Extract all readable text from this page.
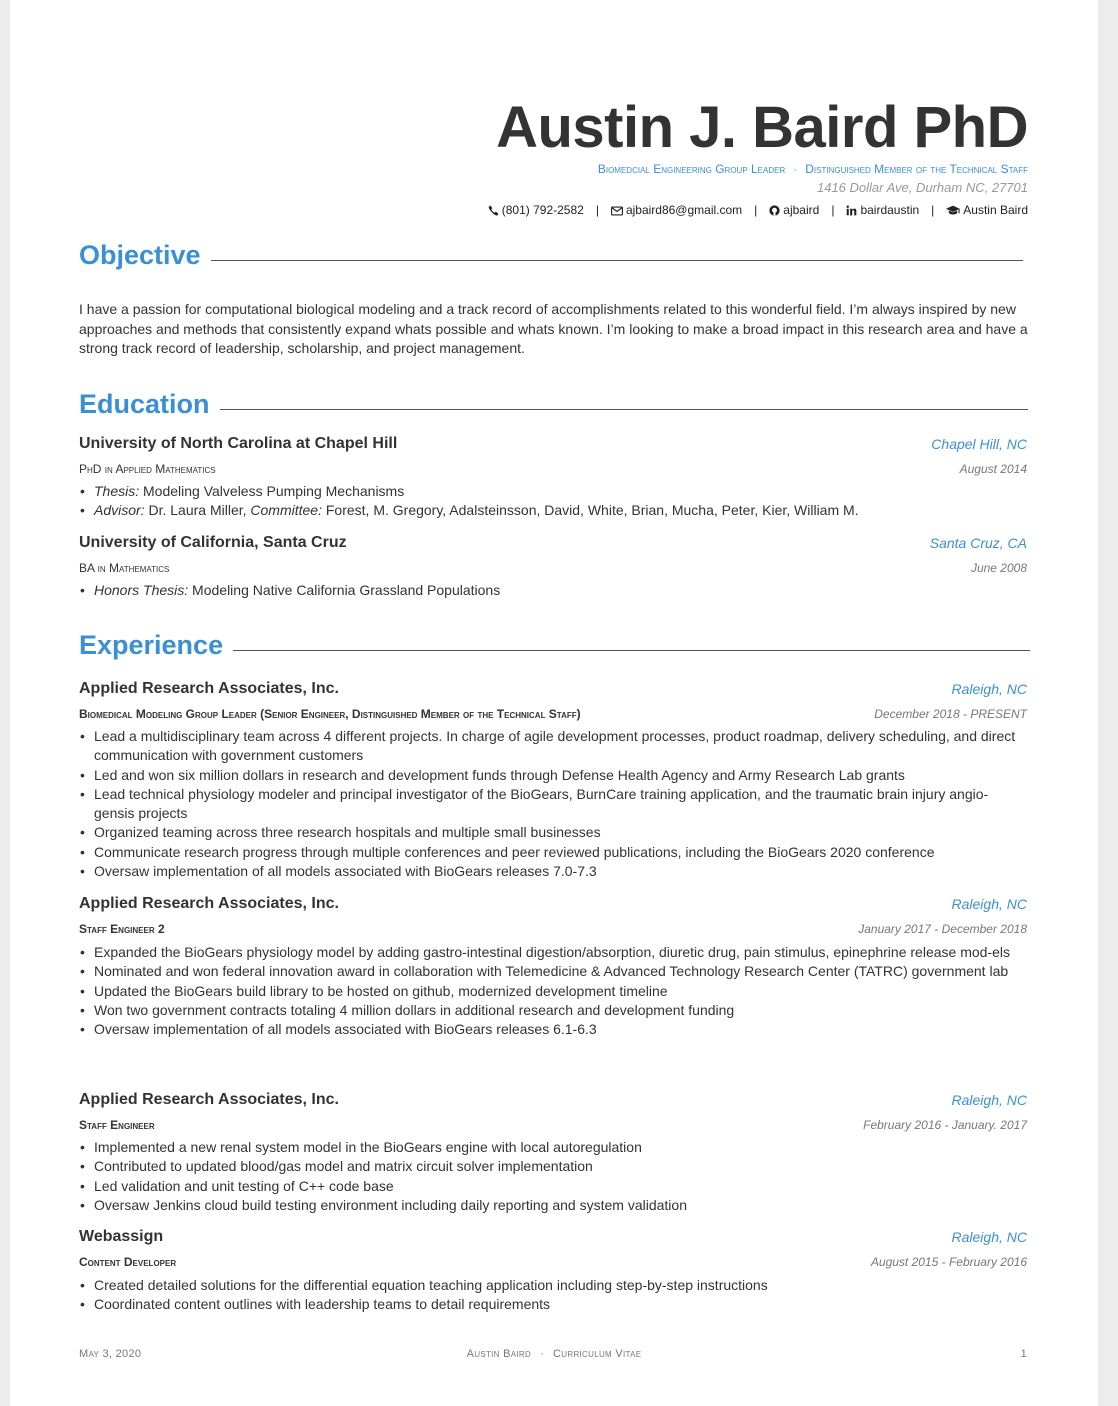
Austin J. Baird PhD
Biomedcial Engineering Group Leader · Distinguished Member of the Technical Staff
1416 Dollar Ave, Durham NC, 27701
(801) 792-2582 | ajbaird86@gmail.com | ajbaird | bairdaustin | Austin Baird
Objective
I have a passion for computational biological modeling and a track record of accomplishments related to this wonderful field. I’m always inspired by new approaches and methods that consistently expand whats possible and whats known. I’m looking to make a broad impact in this research area and have a strong track record of leadership, scholarship, and project management.
Education
University of North Carolina at Chapel Hill	Chapel Hill, NC
PhD in Applied Mathematics	August 2014
• Thesis: Modeling Valveless Pumping Mechanisms
• Advisor: Dr. Laura Miller, Committee: Forest, M. Gregory, Adalsteinsson, David, White, Brian, Mucha, Peter, Kier, William M.
University of California, Santa Cruz	Santa Cruz, CA
BA in Mathematics	June 2008
• Honors Thesis: Modeling Native California Grassland Populations
Experience
Applied Research Associates, Inc.	Raleigh, NC
Biomedical Modeling Group Leader (Senior Engineer, Distinguished Member of the Technical Staff)	December 2018 - PRESENT
• Lead a multidisciplinary team across 4 different projects. In charge of agile development processes, product roadmap, delivery scheduling, and direct communication with government customers
• Led and won six million dollars in research and development funds through Defense Health Agency and Army Research Lab grants
• Lead technical physiology modeler and principal investigator of the BioGears, BurnCare training application, and the traumatic brain injury angio-gensis projects
• Organized teaming across three research hospitals and multiple small businesses
• Communicate research progress through multiple conferences and peer reviewed publications, including the BioGears 2020 conference
• Oversaw implementation of all models associated with BioGears releases 7.0-7.3
Applied Research Associates, Inc.	Raleigh, NC
Staff Engineer 2	January 2017 - December 2018
• Expanded the BioGears physiology model by adding gastro-intestinal digestion/absorption, diuretic drug, pain stimulus, epinephrine release mod-els
• Nominated and won federal innovation award in collaboration with Telemedicine & Advanced Technology Research Center (TATRC) government lab
• Updated the BioGears build library to be hosted on github, modernized development timeline
• Won two government contracts totaling 4 million dollars in additional research and development funding
• Oversaw implementation of all models associated with BioGears releases 6.1-6.3
Applied Research Associates, Inc.	Raleigh, NC
Staff Engineer	February 2016 - January. 2017
• Implemented a new renal system model in the BioGears engine with local autoregulation
• Contributed to updated blood/gas model and matrix circuit solver implementation
• Led validation and unit testing of C++ code base
• Oversaw Jenkins cloud build testing environment including daily reporting and system validation
Webassign	Raleigh, NC
Content Developer	August 2015 - February 2016
• Created detailed solutions for the differential equation teaching application including step-by-step instructions
• Coordinated content outlines with leadership teams to detail requirements
May 3, 2020	Austin Baird · Curriculum Vitae	1
